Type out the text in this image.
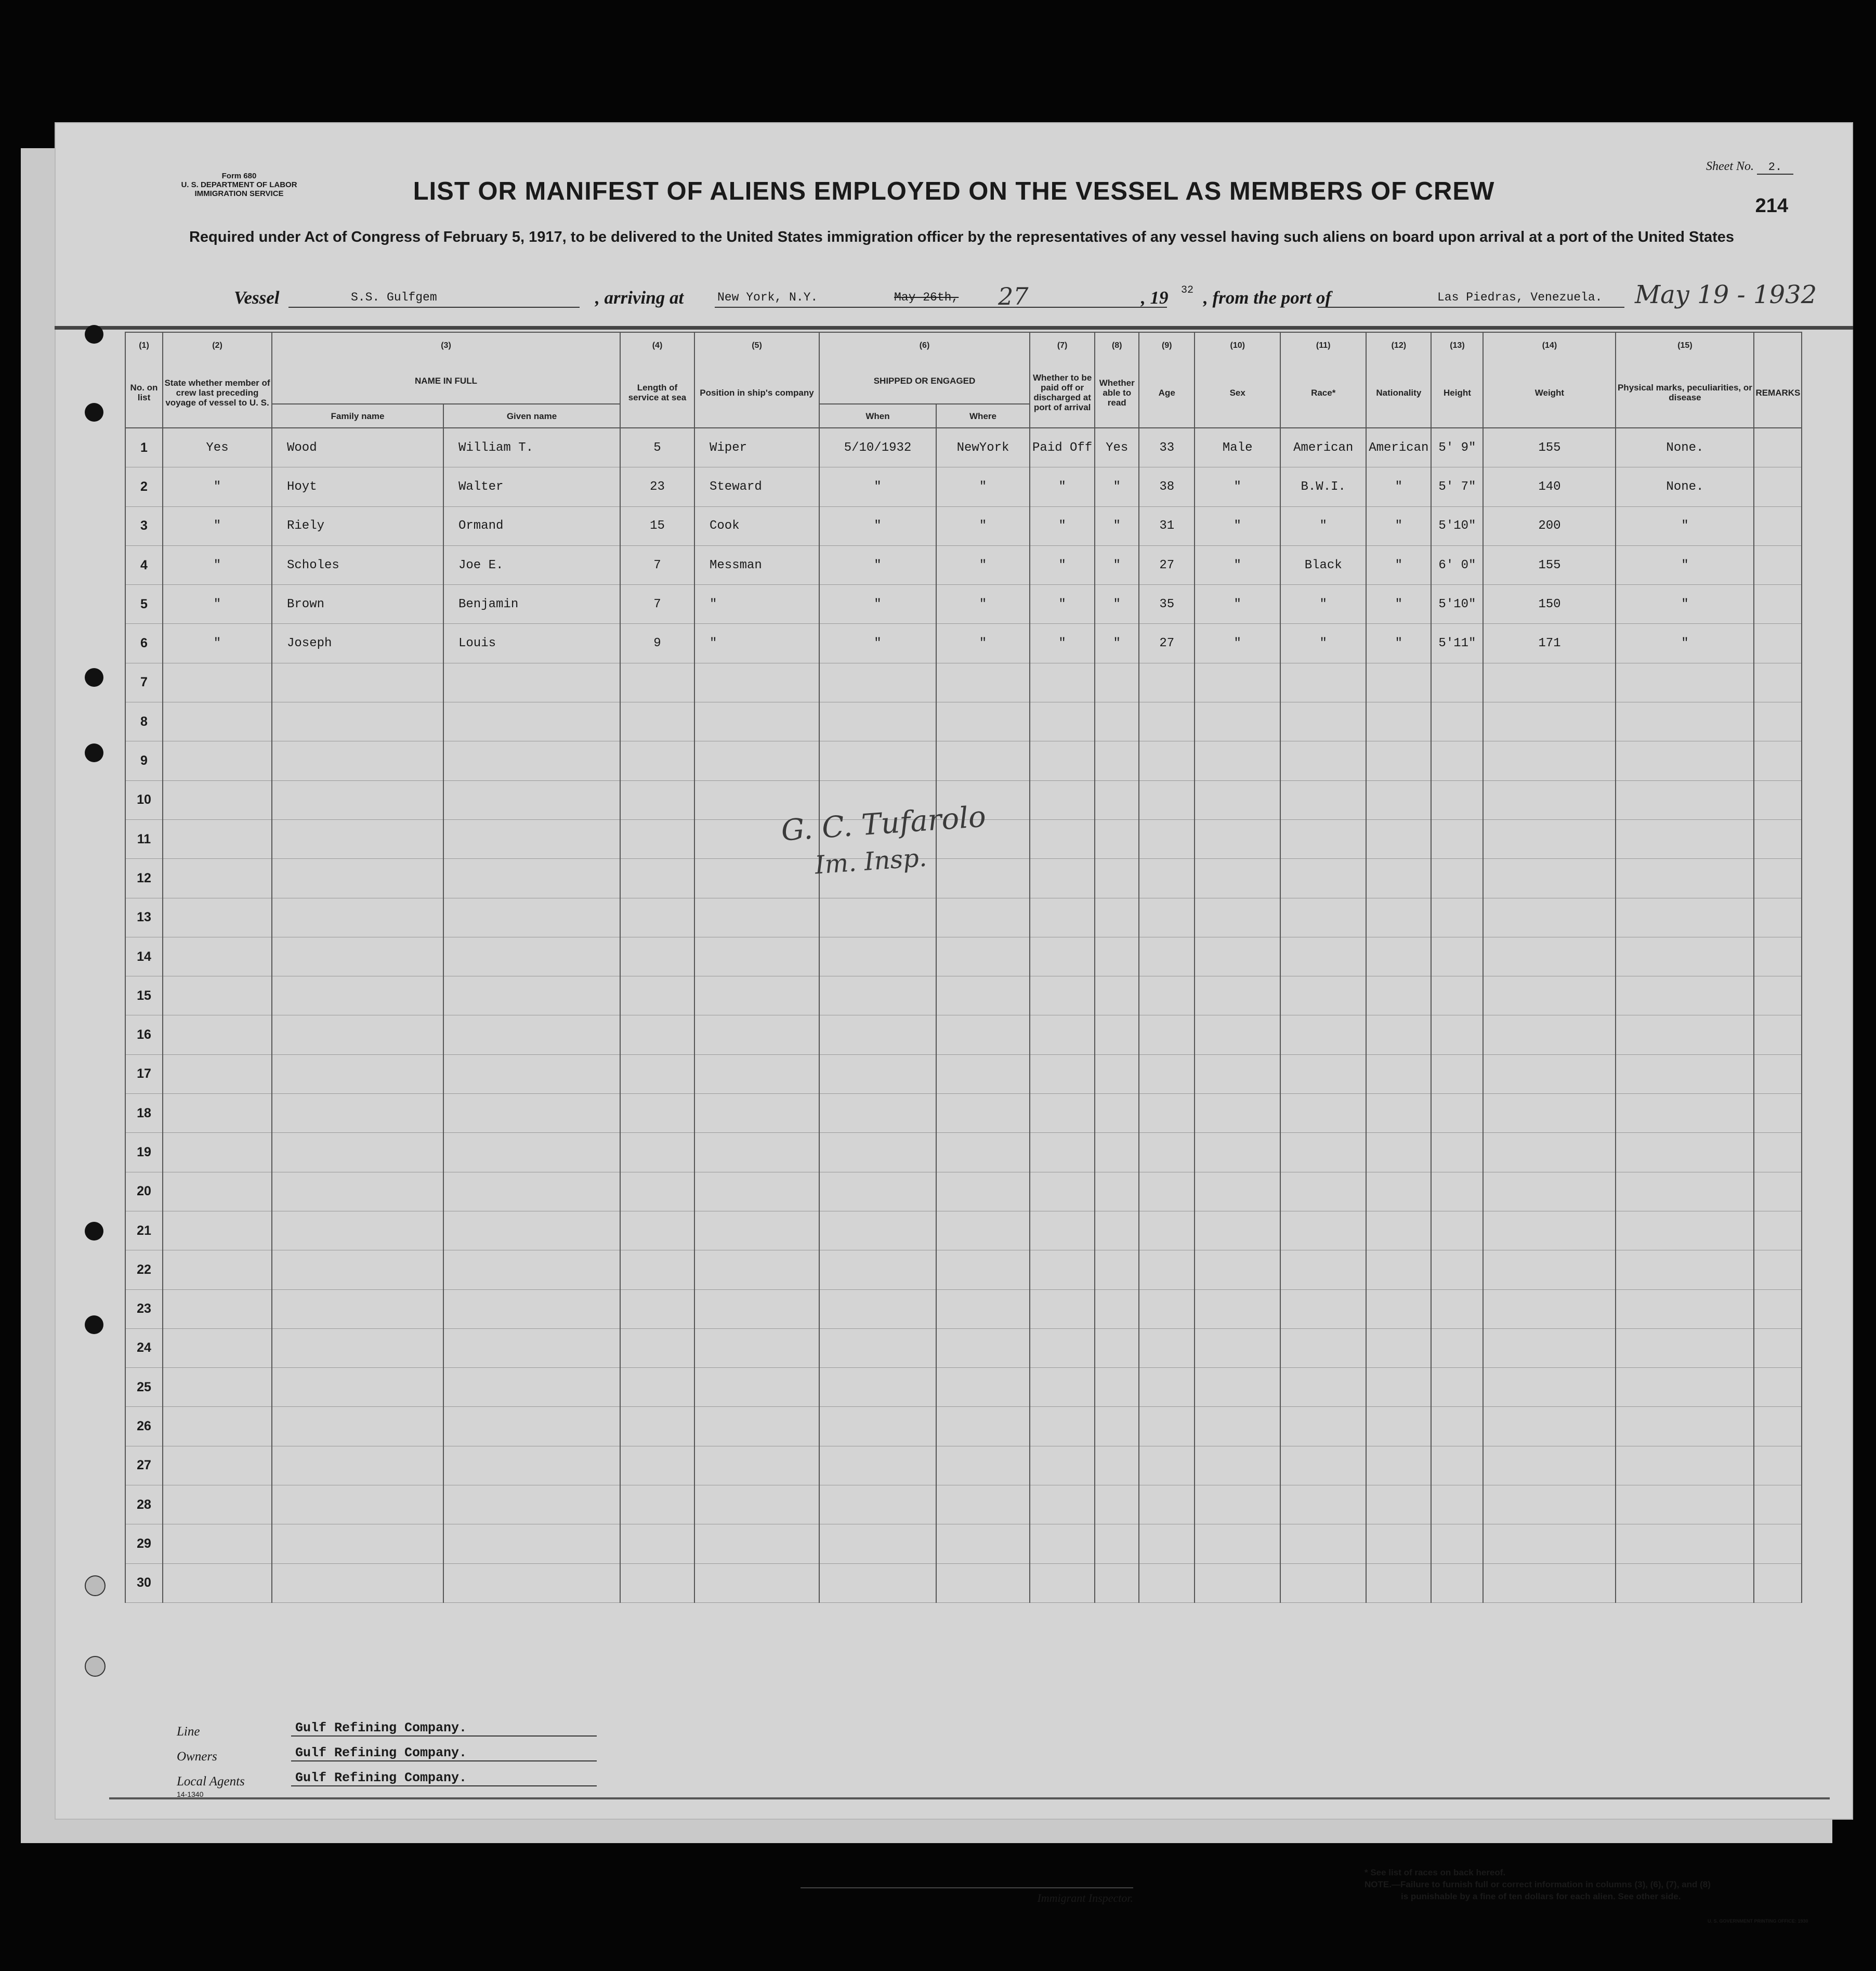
Form 680
U. S. DEPARTMENT OF LABOR
IMMIGRATION SERVICE
Sheet No. 2.
214
LIST OR MANIFEST OF ALIENS EMPLOYED ON THE VESSEL AS MEMBERS OF CREW
Required under Act of Congress of February 5, 1917, to be delivered to the United States immigration officer by the representatives of any vessel having such aliens on board upon arrival at a port of the United States
Vessel	S.S. Gulfgem	, arriving at	New York, N.Y.	May 26th, 27	, 19 32 , from the port of	Las Piedras, Venezuela. May 19 - 1932
(1)	(2)	(3)		(4)	(5)	(6)		(7)	(8)	(9)	(10)	(11)	(12)	(13)	(14)	(15)	
No. on list	State whether member of crew last preceding voyage of vessel to U. S.	NAME IN FULL		Length of service at sea	Position in ship's company	SHIPPED OR ENGAGED		Whether to be paid off or discharged at port of arrival	Whether able to read	Age	Sex	Race*	Nationality	Height	Weight	Physical marks, peculiarities, or disease	REMARKS
		Family name	Given name			When	Where										
1	Yes	Wood	William T.	5	Wiper	5/10/1932	NewYork	Paid Off	Yes	33	Male	American	American	5' 9"	155	None.	
2	"	Hoyt	Walter	23	Steward	"	"	"	"	38	"	B.W.I.	"	5' 7"	140	None.	
3	"	Riely	Ormand	15	Cook	"	"	"	"	31	"	"	"	5'10"	200	"	
4	"	Scholes	Joe E.	7	Messman	"	"	"	"	27	"	Black	"	6' 0"	155	"	
5	"	Brown	Benjamin	7	"	"	"	"	"	35	"	"	"	5'10"	150	"	
6	"	Joseph	Louis	9	"	"	"	"	"	27	"	"	"	5'11"	171	"	
7																	
8																	
9																	
10																	
11																	
12																	
13																	
14																	
15																	
16																	
17																	
18																	
19																	
20																	
21																	
22																	
23																	
24																	
25																	
26																	
27																	
28																	
29																	
30																	
G. C. Tufarolo
Im. Insp.
Line	Gulf Refining Company.
Owners	Gulf Refining Company.
Local Agents	Gulf Refining Company.
14-1340
Immigrant Inspector.
* See list of races on back hereof.
NOTE.—Failure to furnish full or correct information in columns (3), (6), (7), and (8)
is punishable by a fine of ten dollars for each alien. See other side.
U. S. GOVERNMENT PRINTING OFFICE: 1930
